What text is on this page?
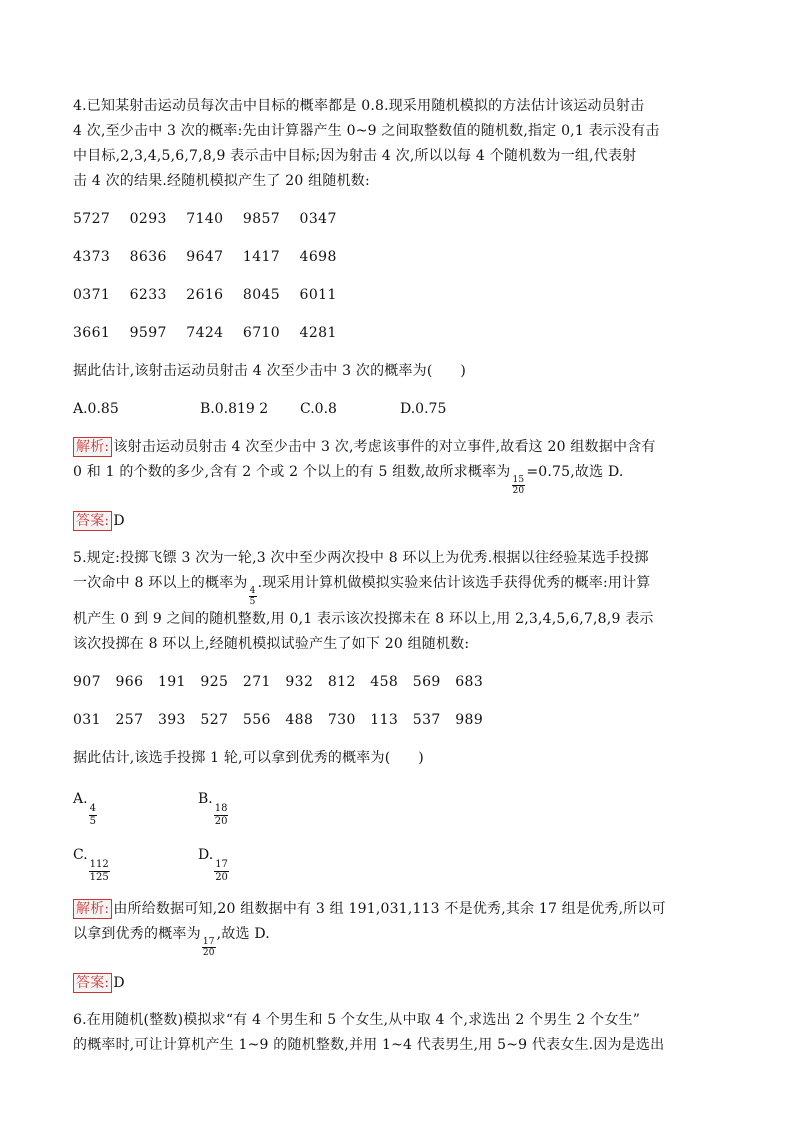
4.已知某射击运动员每次击中目标的概率都是 0.8.现采用随机模拟的方法估计该运动员射击

4 次,至少击中 3 次的概率:先由计算器产生 0~9 之间取整数值的随机数,指定 0,1 表示没有击

中目标,2,3,4,5,6,7,8,9 表示击中目标;因为射击 4 次,所以以每 4 个随机数为一组,代表射

击 4 次的结果.经随机模拟产生了 20 组随机数:

5727    0293    7140    9857    0347

4373    8636    9647    1417    4698

0371    6233    2616    8045    6011

3661    9597    7424    6710    4281

据此估计,该射击运动员射击 4 次至少击中 3 次的概率为(      )

A.0.85	B.0.819 2	C.0.8	D.0.75

解析: 该射击运动员射击 4 次至少击中 3 次,考虑该事件的对立事件,故看这 20 组数据中含有

0 和 1 的个数的多少,含有 2 个或 2 个以上的有 5 组数,故所求概率为
$\frac{15}{20}$
=0.75,故选 D.

答案: D

5.规定:投掷飞镖 3 次为一轮,3 次中至少两次投中 8 环以上为优秀.根据以往经验某选手投掷

一次命中 8 环以上的概率为
$\frac{4}{5}$
.现采用计算机做模拟实验来估计该选手获得优秀的概率:用计算

机产生 0 到 9 之间的随机整数,用 0,1 表示该次投掷未在 8 环以上,用 2,3,4,5,6,7,8,9 表示

该次投掷在 8 环以上,经随机模拟试验产生了如下 20 组随机数:

907   966   191   925   271   932   812   458   569   683

031   257   393   527   556   488   730   113   537   989

据此估计,该选手投掷 1 轮,可以拿到优秀的概率为(      )

A.
$\frac{4}{5}$
B.
$\frac{18}{20}$
C.
$\frac{112}{125}$
D.
$\frac{17}{20}$

解析: 由所给数据可知,20 组数据中有 3 组 191,031,113 不是优秀,其余 17 组是优秀,所以可

以拿到优秀的概率为
$\frac{17}{20}$
,故选 D.

答案: D

6.在用随机(整数)模拟求“有 4 个男生和 5 个女生,从中取 4 个,求选出 2 个男生 2 个女生”

的概率时,可让计算机产生 1~9 的随机整数,并用 1~4 代表男生,用 5~9 代表女生.因为是选出
